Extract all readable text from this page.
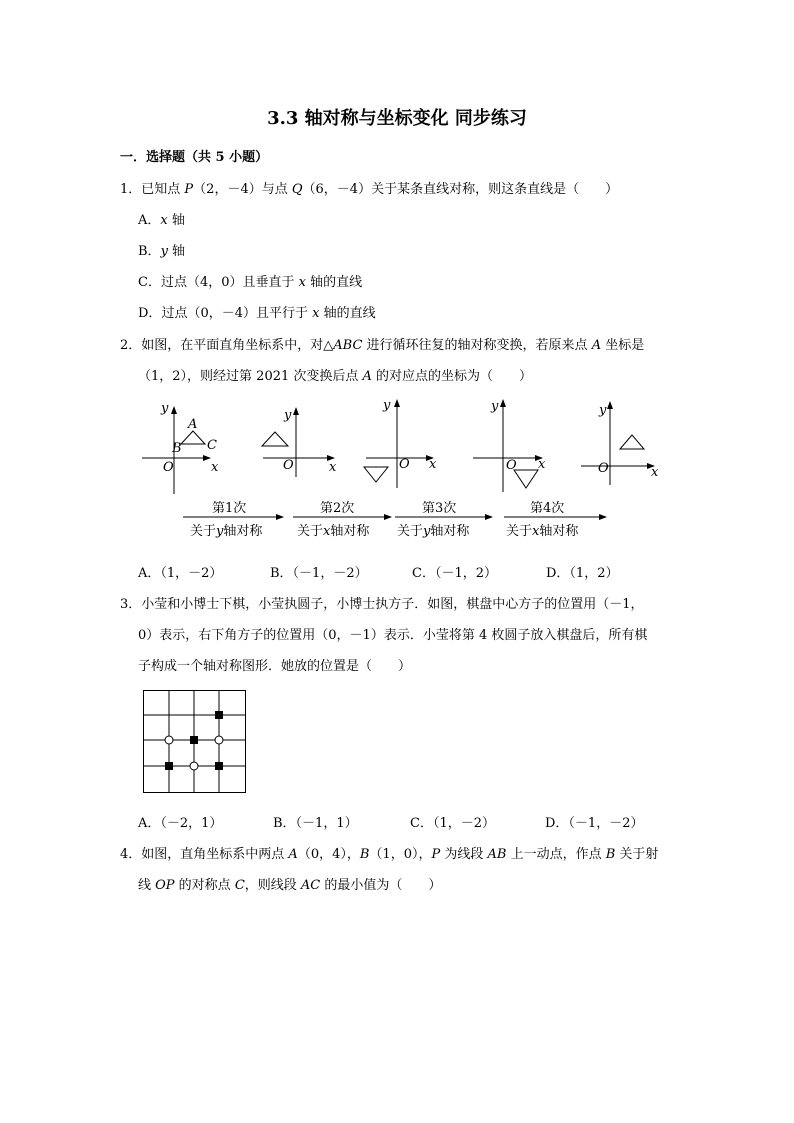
3.3 轴对称与坐标变化 同步练习
一．选择题（共 5 小题）
1．已知点 P（2，－4）与点 Q（6，－4）关于某条直线对称，则这条直线是（　　）
A．x 轴
B．y 轴
C．过点（4，0）且垂直于 x 轴的直线
D．过点（0，－4）且平行于 x 轴的直线
2．如图，在平面直角坐标系中，对△ABC 进行循环往复的轴对称变换，若原来点 A 坐标是
（1，2），则经过第 2021 次变换后点 A 的对应点的坐标为（　　）
y
x
O
A
B C
y
x
O
y
x
O
y
x
O
y
x
O
第1次
关于y轴对称
第2次
关于x轴对称
第3次
关于y轴对称
第4次
关于x轴对称
A．（1，－2）	B．（－1，－2）	C．（－1，2）	D．（1，2）
3．小莹和小博士下棋，小莹执圆子，小博士执方子．如图，棋盘中心方子的位置用（－1，
0）表示，右下角方子的位置用（0，－1）表示．小莹将第 4 枚圆子放入棋盘后，所有棋
子构成一个轴对称图形．她放的位置是（　　）
A．（－2，1）	B．（－1，1）	C．（1，－2）	D．（－1，－2）
4．如图，直角坐标系中两点 A（0，4），B（1，0），P 为线段 AB 上一动点，作点 B 关于射
线 OP 的对称点 C，则线段 AC 的最小值为（　　）
